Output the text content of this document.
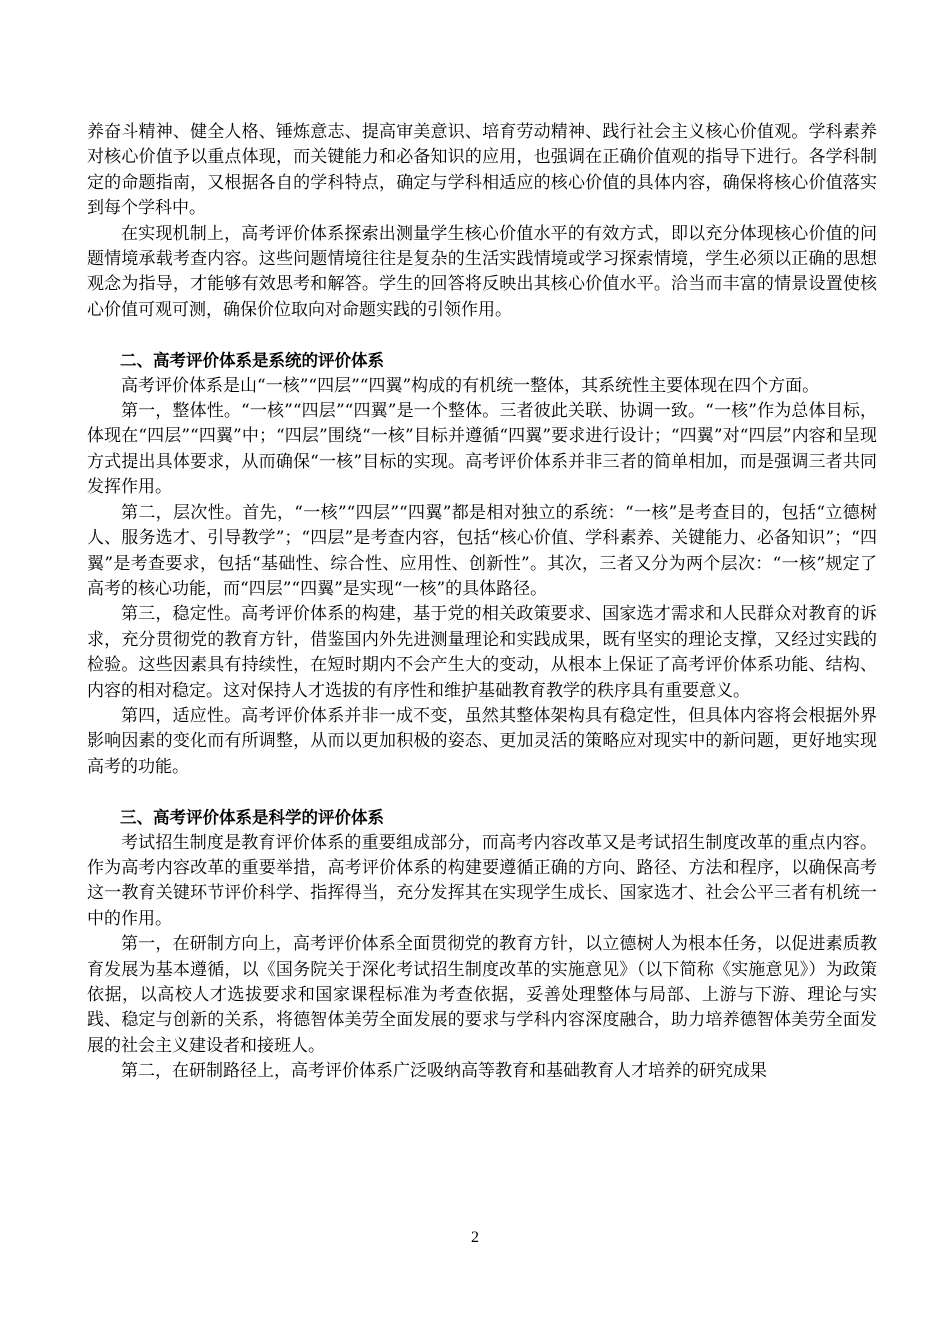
养奋斗精神、健全人格、锤炼意志、提高审美意识、培育劳动精神、践行社会主义核心价值观。学科素养对核心价值予以重点体现，而关键能力和必备知识的应用，也强调在正确价值观的指导下进行。各学科制定的命题指南，又根据各自的学科特点，确定与学科相适应的核心价值的具体内容，确保将核心价值落实到每个学科中。

在实现机制上，高考评价体系探索出测量学生核心价值水平的有效方式，即以充分体现核心价值的问题情境承载考查内容。这些问题情境往往是复杂的生活实践情境或学习探索情境，学生必须以正确的思想观念为指导，才能够有效思考和解答。学生的回答将反映出其核心价值水平。洽当而丰富的情景设置使核心价值可观可测，确保价位取向对命题实践的引领作用。

二、高考评价体系是系统的评价体系

高考评价体系是山“一核”“四层”“四翼”构成的有机统一整体，其系统性主要体现在四个方面。

第一，整体性。“一核”“四层”“四翼”是一个整体。三者彼此关联、协调一致。“一核”作为总体目标，体现在“四层”“四翼”中；“四层”围绕“一核”目标并遵循“四翼”要求进行设计；“四翼”对“四层”内容和呈现方式提出具体要求，从而确保“一核”目标的实现。高考评价体系并非三者的简单相加，而是强调三者共同发挥作用。

第二，层次性。首先，“一核”“四层”“四翼”都是相对独立的系统：“一核”是考查目的，包括“立德树人、服务选才、引导教学”；“四层”是考查内容，包括“核心价值、学科素养、关键能力、必备知识”；“四翼”是考查要求，包括“基础性、综合性、应用性、创新性”。其次，三者又分为两个层次：“一核”规定了高考的核心功能，而“四层”“四翼”是实现“一核”的具体路径。

第三，稳定性。高考评价体系的构建，基于党的相关政策要求、国家选才需求和人民群众对教育的诉求，充分贯彻党的教育方针，借鉴国内外先进测量理论和实践成果，既有坚实的理论支撑，又经过实践的检验。这些因素具有持续性，在短时期内不会产生大的变动，从根本上保证了高考评价体系功能、结构、内容的相对稳定。这对保持人才选拔的有序性和维护基础教育教学的秩序具有重要意义。

第四，适应性。高考评价体系并非一成不变，虽然其整体架构具有稳定性，但具体内容将会根据外界影响因素的变化而有所调整，从而以更加积极的姿态、更加灵活的策略应对现实中的新问题，更好地实现高考的功能。

三、高考评价体系是科学的评价体系

考试招生制度是教育评价体系的重要组成部分，而高考内容改革又是考试招生制度改革的重点内容。作为高考内容改革的重要举措，高考评价体系的构建要遵循正确的方向、路径、方法和程序，以确保高考这一教育关键环节评价科学、指挥得当，充分发挥其在实现学生成长、国家选才、社会公平三者有机统一中的作用。

第一，在研制方向上，高考评价体系全面贯彻党的教育方针，以立德树人为根本任务，以促进素质教育发展为基本遵循，以《国务院关于深化考试招生制度改革的实施意见》（以下简称《实施意见》）为政策依据，以高校人才选拔要求和国家课程标准为考查依据，妥善处理整体与局部、上游与下游、理论与实践、稳定与创新的关系，将德智体美劳全面发展的要求与学科内容深度融合，助力培养德智体美劳全面发展的社会主义建设者和接班人。

第二，在研制路径上，高考评价体系广泛吸纳高等教育和基础教育人才培养的研究成果

2
